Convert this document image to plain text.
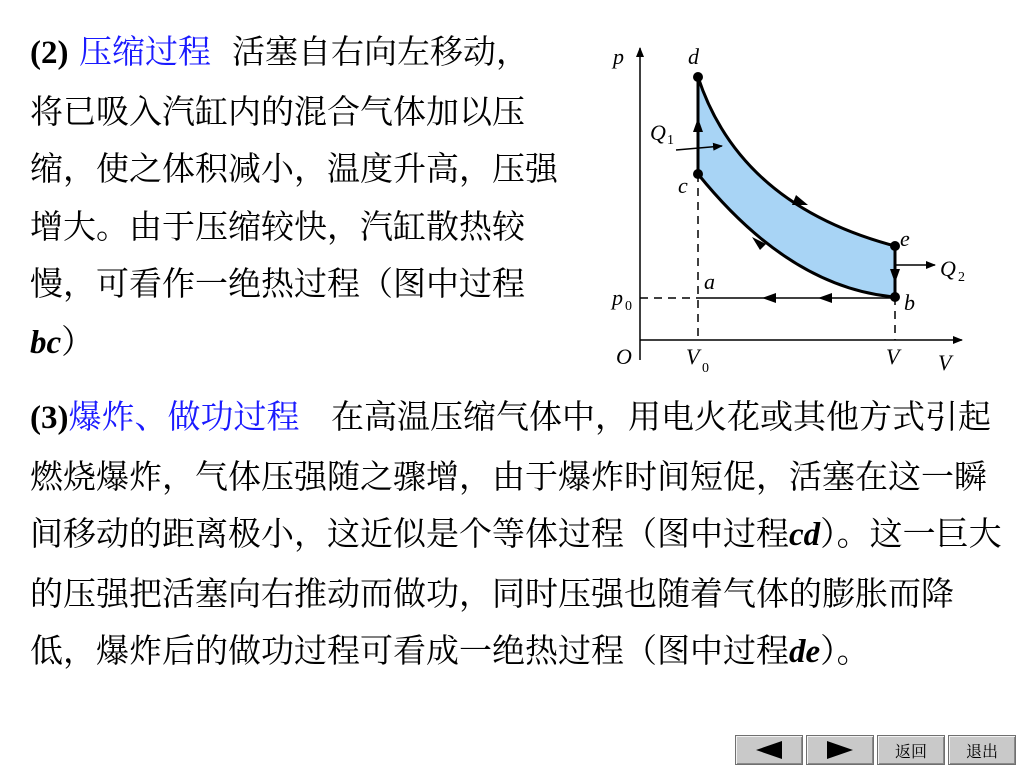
(2) 压缩过程 活塞自右向左移动，将已吸入汽缸内的混合气体加以压缩，使之体积减小，温度升高，压强增大。由于压缩较快，汽缸散热较慢，可看作一绝热过程（图中过程bc）
(3)爆炸、做功过程 在高温压缩气体中，用电火花或其他方式引起燃烧爆炸，气体压强随之骤增，由于爆炸时间短促，活塞在这一瞬间移动的距离极小，这近似是个等体过程（图中过程cd）。这一巨大的压强把活塞向右推动而做功，同时压强也随着气体的膨胀而降低，爆炸后的做功过程可看成一绝热过程（图中过程de）。
p
V
O
p 0
V 0	V
Q 1
Q 2
a
b
c
d
e
返回	退出
